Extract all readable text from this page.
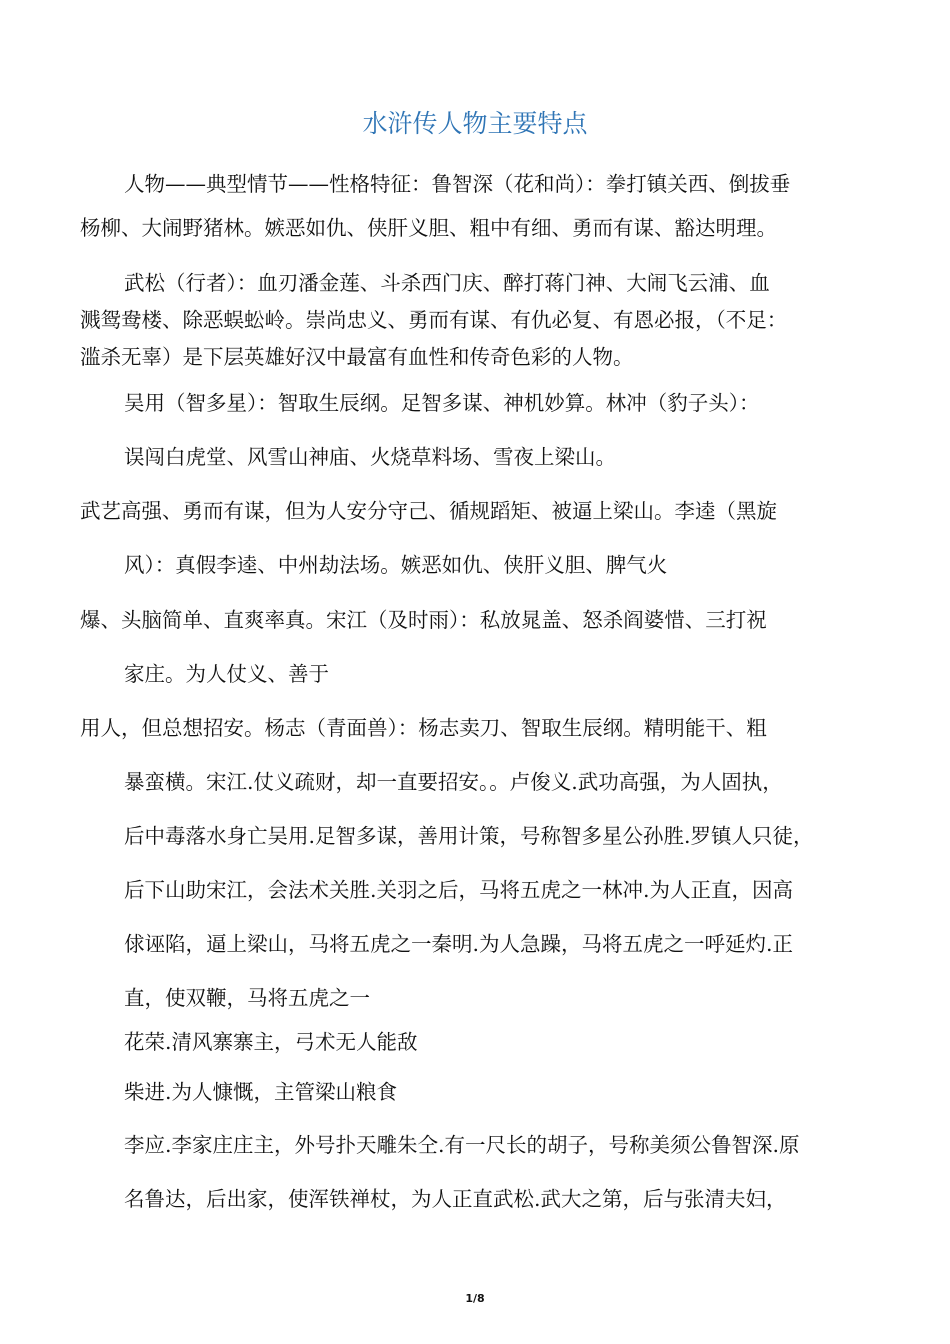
水浒传人物主要特点

人物——典型情节——性格特征：鲁智深（花和尚）：拳打镇关西、倒拔垂

杨柳、大闹野猪林。嫉恶如仇、侠肝义胆、粗中有细、勇而有谋、豁达明理。

武松（行者）：血刃潘金莲、斗杀西门庆、醉打蒋门神、大闹飞云浦、血

溅鸳鸯楼、除恶蜈蚣岭。崇尚忠义、勇而有谋、有仇必复、有恩必报，（不足：

滥杀无辜）是下层英雄好汉中最富有血性和传奇色彩的人物。

吴用（智多星）：智取生辰纲。足智多谋、神机妙算。林冲（豹子头）：

误闯白虎堂、风雪山神庙、火烧草料场、雪夜上梁山。

武艺高强、勇而有谋，但为人安分守己、循规蹈矩、被逼上梁山。李逵（黑旋

风）：真假李逵、中州劫法场。嫉恶如仇、侠肝义胆、脾气火

爆、头脑简单、直爽率真。宋江（及时雨）：私放晁盖、怒杀阎婆惜、三打祝

家庄。为人仗义、善于

用人，但总想招安。杨志（青面兽）：杨志卖刀、智取生辰纲。精明能干、粗

暴蛮横。宋江.仗义疏财，却一直要招安。。卢俊义.武功高强，为人固执，

后中毒落水身亡吴用.足智多谋，善用计策，号称智多星公孙胜.罗镇人只徒，

后下山助宋江，会法术关胜.关羽之后，马将五虎之一林冲.为人正直，因高

俅诬陷，逼上梁山，马将五虎之一秦明.为人急躁，马将五虎之一呼延灼.正

直，使双鞭，马将五虎之一

花荣.清风寨寨主，弓术无人能敌

柴进.为人慷慨，主管梁山粮食

李应.李家庄庄主，外号扑天雕朱仝.有一尺长的胡子，号称美须公鲁智深.原

名鲁达，后出家，使浑铁禅杖，为人正直武松.武大之第，后与张清夫妇，

1/8
